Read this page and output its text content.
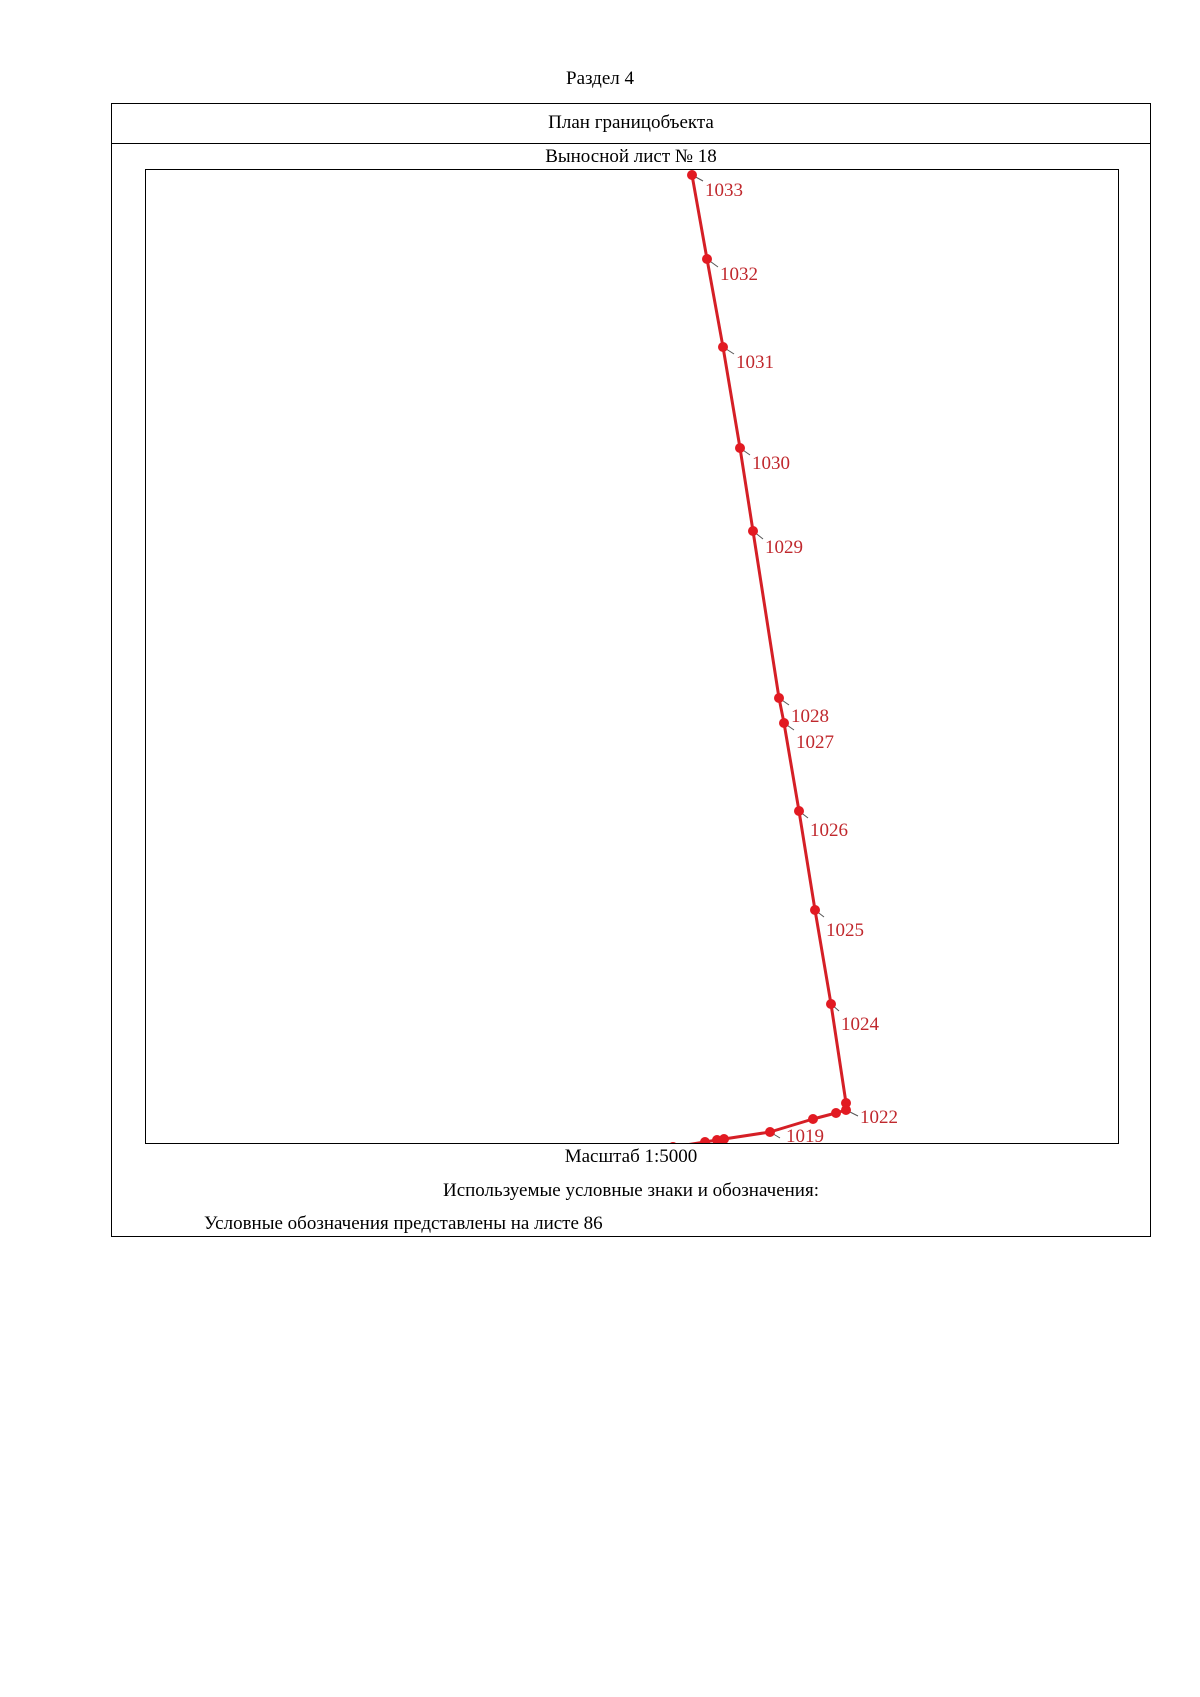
Раздел 4
План границобъекта
Выносной лист № 18
1033
1032
1031
1030
1029
1028
1027
1026
1025
1024
1022
1019
Масштаб 1:5000
Используемые условные знаки и обозначения:
Условные обозначения представлены на листе 86
